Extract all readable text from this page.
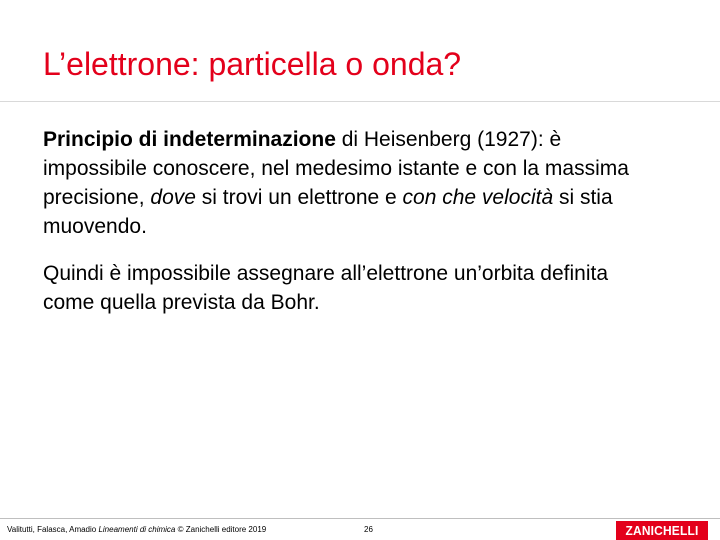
L’elettrone: particella o onda?
Principio di indeterminazione di Heisenberg (1927): è impossibile conoscere, nel medesimo istante e con la massima precisione, dove si trovi un elettrone e con che velocità si stia muovendo.
Quindi è impossibile assegnare all’elettrone un’orbita definita come quella prevista da Bohr.
Valitutti, Falasca, Amadio Lineamenti di chimica © Zanichelli editore 2019	26	ZANICHELLI
